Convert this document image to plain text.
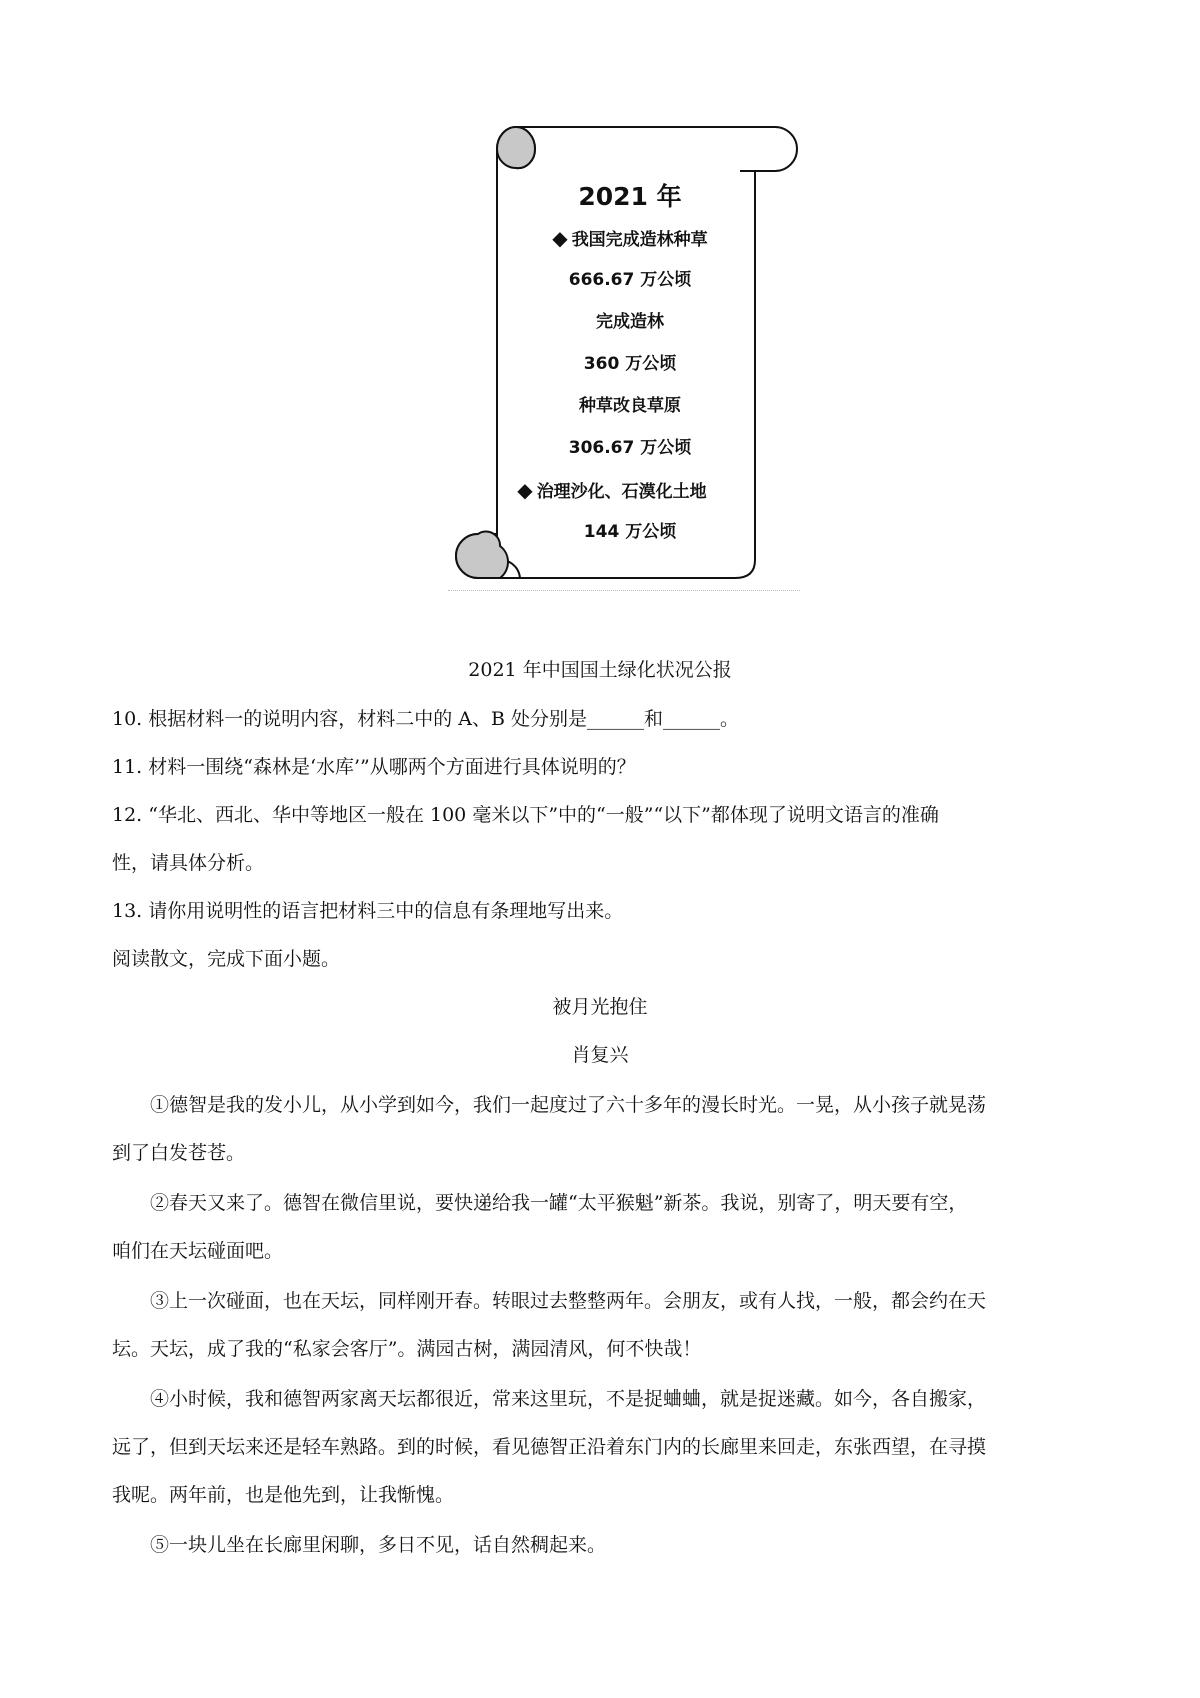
2021 年

◆ 我国完成造林种草

666.67 万公顷

完成造林

360 万公顷

种草改良草原

306.67 万公顷

◆ 治理沙化、石漠化土地

144 万公顷

2021 年中国国土绿化状况公报

10. 根据材料一的说明内容，材料二中的 A、B 处分别是______和______。

11. 材料一围绕“森林是‘水库’”从哪两个方面进行具体说明的？

12. “华北、西北、华中等地区一般在 100 毫米以下”中的“一般”“以下”都体现了说明文语言的准确

性，请具体分析。

13. 请你用说明性的语言把材料三中的信息有条理地写出来。

阅读散文，完成下面小题。

被月光抱住

肖复兴

①德智是我的发小儿，从小学到如今，我们一起度过了六十多年的漫长时光。一晃，从小孩子就晃荡

到了白发苍苍。

②春天又来了。德智在微信里说，要快递给我一罐“太平猴魁”新茶。我说，别寄了，明天要有空，

咱们在天坛碰面吧。

③上一次碰面，也在天坛，同样刚开春。转眼过去整整两年。会朋友，或有人找，一般，都会约在天

坛。天坛，成了我的“私家会客厅”。满园古树，满园清风，何不快哉！

④小时候，我和德智两家离天坛都很近，常来这里玩，不是捉蛐蛐，就是捉迷藏。如今，各自搬家，

远了，但到天坛来还是轻车熟路。到的时候，看见德智正沿着东门内的长廊里来回走，东张西望，在寻摸

我呢。两年前，也是他先到，让我惭愧。

⑤一块儿坐在长廊里闲聊，多日不见，话自然稠起来。
